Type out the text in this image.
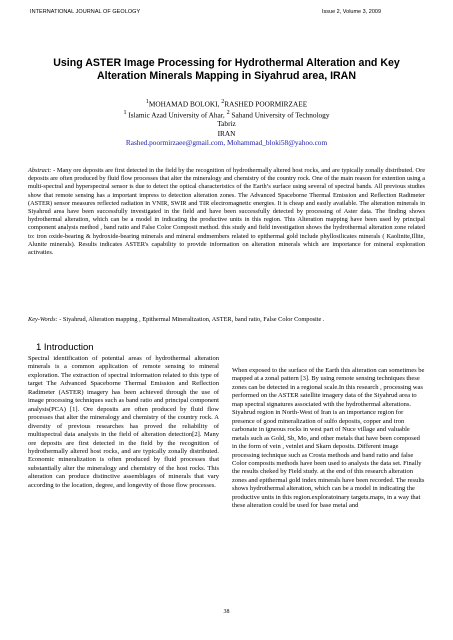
INTERNATIONAL JOURNAL OF GEOLOGY	Issue 2, Volume 3, 2009
Using ASTER Image Processing for Hydrothermal Alteration and Key Alteration Minerals Mapping in Siyahrud area, IRAN
$^1$MOHAMAD BOLOKI, $^2$RASHED POORMIRZAEE
$^1$ Islamic Azad University of Ahar, $^2$ Sahand University of Technology
Tabriz
IRAN
Rashed.poormirzaee@gmail.com, Mohammad_bloki58@yahoo.com
Abstract: - Many ore deposits are first detected in the field by the recognition of hydrothermally altered host rocks, and are typically zonally distributed. Ore deposits are often produced by fluid flow processes that alter the mineralogy and chemistry of the country rock. One of the main reason for extention using a multi-spectral and hyperspectral sensor is due to detect the optical characteristics of the Earth’s surface using several of spectral bands. All previous studies show that remote sensing has a important impress to detection alteration zones. The Advanced Spaceborne Thermal Emission and Reflection Radimeter (ASTER) sensor measures reflected radiation in VNIR, SWIR and TIR electromagnetic energies. It is cheap and easily available. The alteration minerals in Siyahrud area have been successfully investigated in the field and have been successfully detected by processing of Aster data. The finding shows hydrothermal alteration, which can be a model in indicating the productive units in this region. This Alteration mapping have been used by principal component analysis method , band ratio and False Color Composit method. this study and field investigation shows the hydrothermal alteration zone related to: iron oxide-bearing & hydroxide-bearing minerals and mineral endmembers related to epithermal gold include phyllosilicates minerals ( Kaolinite,Illite, Alunite minerals). Results indicates ASTER's capability to provide information on alteration minerals which are importance for mineral exploration activaties.
Key-Words: - Siyahrud, Alteration mapping , Epithermal Mineralization, ASTER, band ratio, False Color Composite .
1 Introduction

Spectral identification of potential areas of hydrothermal alteration minerals is a common application of remote sensing to mineral exploration. The extraction of spectral information related to this type of target The Advanced Spaceborne Thermal Emission and Reflection Radimeter (ASTER) imagery has been achieved through the use of image processing techniques such as band ratio and principal component analysis(PCA) [1]. Ore deposits are often produced by fluid flow processes that alter the mineralogy and chemistry of the country rock. A diversity of previous researches has proved the reliability of multispectral data analysis in the field of alteration detection[2]. Many ore deposits are first detected in the field by the recognition of hydrothermally altered host rocks, and are typically zonally distributed. Economic mineralization is often produced by fluid processes that substantially alter the mineralogy and chemistry of the host rocks. This alteration can produce distinctive assemblages of minerals that vary according to the location, degree, and longevity of those flow processes.

When exposed to the surface of the Earth this alteration can sometimes be mapped at a zonal pattern [3]. By using remote sensing techniques these zones can be detected in a regional scale.In this research , processing was performed on the ASTER satellite imagery data of the Siyahrud area to map spectral signatures associated with the hydrothermal alterations. Siyahrud region in North-West of Iran is an importance region for presence of good mineralization of sulfo deposits, copper and iron carbonate in igneous rocks in west part of Nuce village and valuable metals such as Gold, Sb, Mo, and other metals that have been composed in the form of vein , veinlet and Skarn deposits. Different image processing technique such as Crosta methods and band ratio and false Color composits methods have been used to analysis the data set. Finally the results cheked by Field study. at the end of this research alteration zones and epithermal gold index minerals have been recorded. The results shows hydrothermal alteration, which can be a model in indicating the productive units in this region.exploratoinary targets.maps, in a way that these alteration could be used for base metal and

38
